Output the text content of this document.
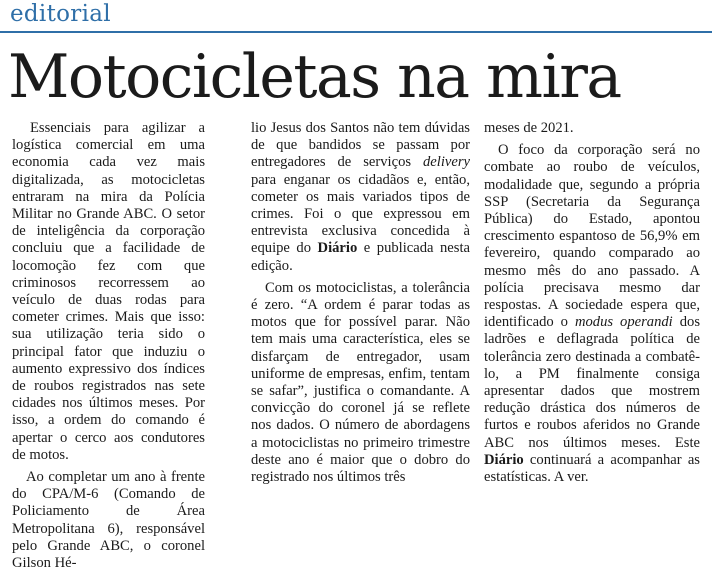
editorial
Motocicletas na mira

Essenciais para agilizar a logística comercial em uma economia cada vez mais digitalizada, as motocicletas entraram na mira da Polícia Militar no Grande ABC. O setor de inteligência da corporação concluiu que a facilidade de locomoção fez com que criminosos recorressem ao veículo de duas rodas para cometer crimes. Mais que isso: sua utilização teria sido o principal fator que induziu o aumento expressivo dos índices de roubos registrados nas sete cidades nos últimos meses. Por isso, a ordem do comando é apertar o cerco aos condutores de motos.

Ao completar um ano à frente do CPA/M-6 (Comando de Policiamento de Área Metropolitana 6), responsável pelo Grande ABC, o coronel Gilson Hé-

lio Jesus dos Santos não tem dúvidas de que bandidos se passam por entregadores de serviços delivery para enganar os cidadãos e, então, cometer os mais variados tipos de crimes. Foi o que expressou em entrevista exclusiva concedida à equipe do Diário e publicada nesta edição.

Com os motociclistas, a tolerância é zero. “A ordem é parar todas as motos que for possível parar. Não tem mais uma característica, eles se disfarçam de entregador, usam uniforme de empresas, enfim, tentam se safar”, justifica o comandante. A convicção do coronel já se reflete nos dados. O número de abordagens a motociclistas no primeiro trimestre deste ano é maior que o dobro do registrado nos últimos três

meses de 2021.

O foco da corporação será no combate ao roubo de veículos, modalidade que, segundo a própria SSP (Secretaria da Segurança Pública) do Estado, apontou crescimento espantoso de 56,9% em fevereiro, quando comparado ao mesmo mês do ano passado. A polícia precisava mesmo dar respostas. A sociedade espera que, identificado o modus operandi dos ladrões e deflagrada política de tolerância zero destinada a combatê-lo, a PM finalmente consiga apresentar dados que mostrem redução drástica dos números de furtos e roubos aferidos no Grande ABC nos últimos meses. Este Diário continuará a acompanhar as estatísticas. A ver.
